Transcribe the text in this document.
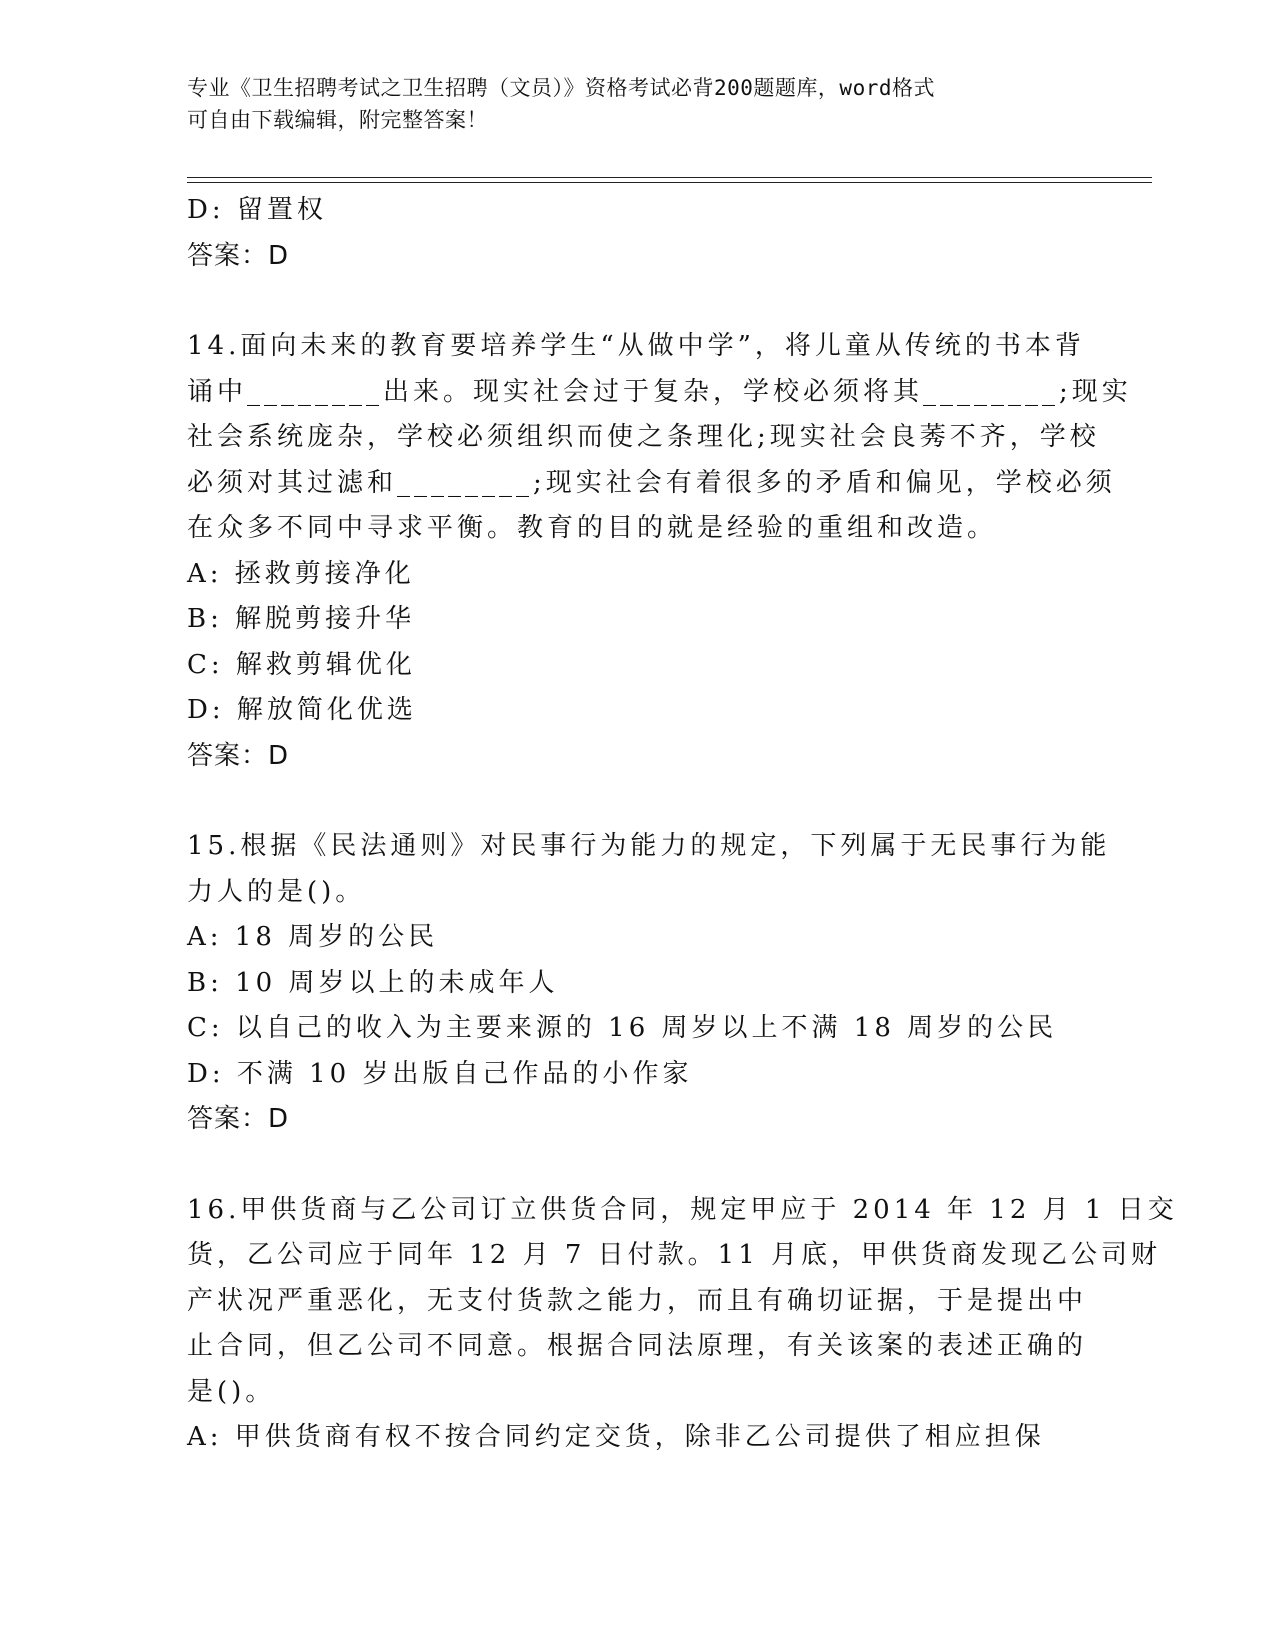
专业《卫生招聘考试之卫生招聘（文员）》资格考试必背200题题库，word格式
可自由下载编辑，附完整答案！
D: 留置权
答案：D
14.面向未来的教育要培养学生“从做中学”，将儿童从传统的书本背
诵中________出来。现实社会过于复杂，学校必须将其________;现实
社会系统庞杂，学校必须组织而使之条理化;现实社会良莠不齐，学校
必须对其过滤和________;现实社会有着很多的矛盾和偏见，学校必须
在众多不同中寻求平衡。教育的目的就是经验的重组和改造。
A: 拯救剪接净化
B: 解脱剪接升华
C: 解救剪辑优化
D: 解放简化优选
答案：D
15.根据《民法通则》对民事行为能力的规定，下列属于无民事行为能
力人的是()。
A: 18 周岁的公民
B: 10 周岁以上的未成年人
C: 以自己的收入为主要来源的 16 周岁以上不满 18 周岁的公民
D: 不满 10 岁出版自己作品的小作家
答案：D
16.甲供货商与乙公司订立供货合同，规定甲应于 2014 年 12 月 1 日交
货，乙公司应于同年 12 月 7 日付款。11 月底，甲供货商发现乙公司财
产状况严重恶化，无支付货款之能力，而且有确切证据，于是提出中
止合同，但乙公司不同意。根据合同法原理，有关该案的表述正确的
是()。
A: 甲供货商有权不按合同约定交货，除非乙公司提供了相应担保
